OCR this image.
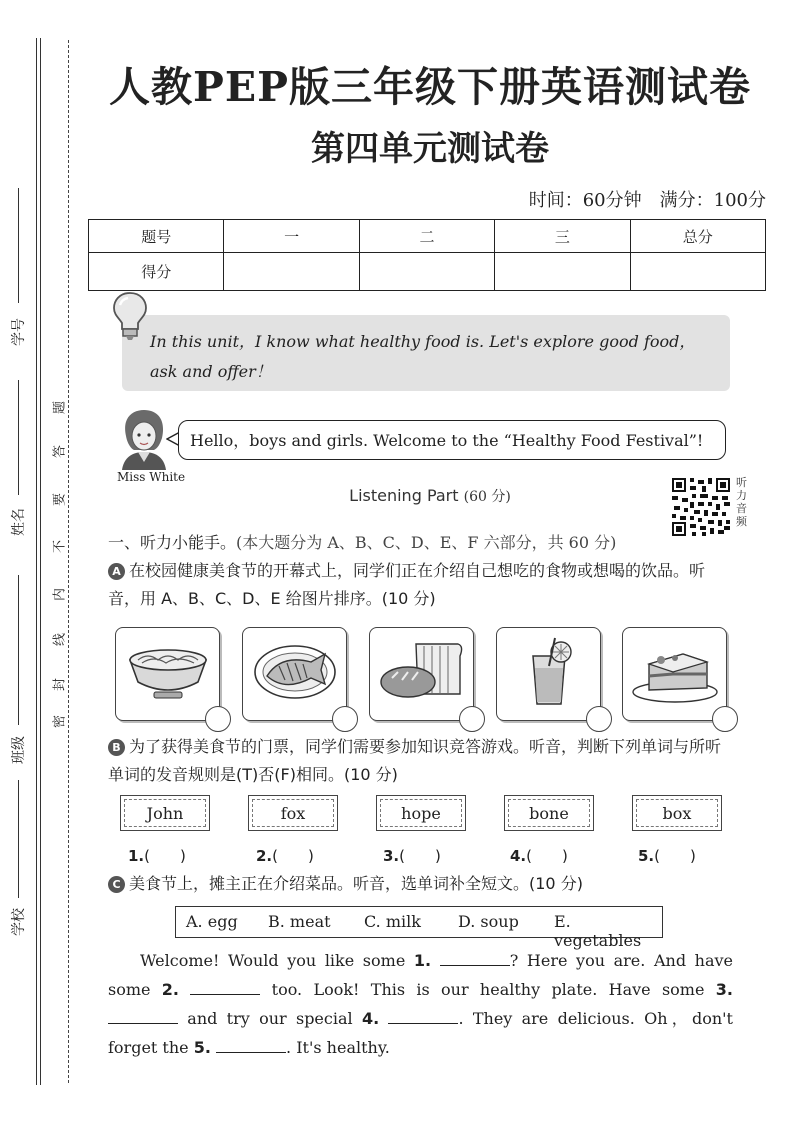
学号
姓名
班级
学校
题
答
要
不
内
线
封
密
人教PEP版三年级下册英语测试卷
第四单元测试卷
时间：60分钟　满分：100分
题号	一	二	三	总分
得分				
In this unit，I know what healthy food is. Let's explore good food，ask and offer！
Miss White
Hello，boys and girls. Welcome to the “Healthy Food Festival”!
Listening Part (60 分)
听力音频
一、听力小能手。(本大题分为 A、B、C、D、E、F 六部分，共 60 分)
A 在校园健康美食节的开幕式上，同学们正在介绍自己想吃的食物或想喝的饮品。听音，用 A、B、C、D、E 给图片排序。(10 分)
B 为了获得美食节的门票，同学们需要参加知识竞答游戏。听音，判断下列单词与所听单词的发音规则是(T)否(F)相同。(10 分)
John	fox	hope	bone	box
1.(　　)	2.(　　)	3.(　　)	4.(　　)	5.(　　)
C 美食节上，摊主正在介绍菜品。听音，选单词补全短文。(10 分)
A. egg B. meat C. milk D. soup E. vegetables
  Welcome! Would you like some 1.	? Here you are. And have some 2.	too. Look! This is our healthy plate. Have some 3.  and try our special 4.	. They are delicious. Oh，don't forget the 5.	. It's healthy.
